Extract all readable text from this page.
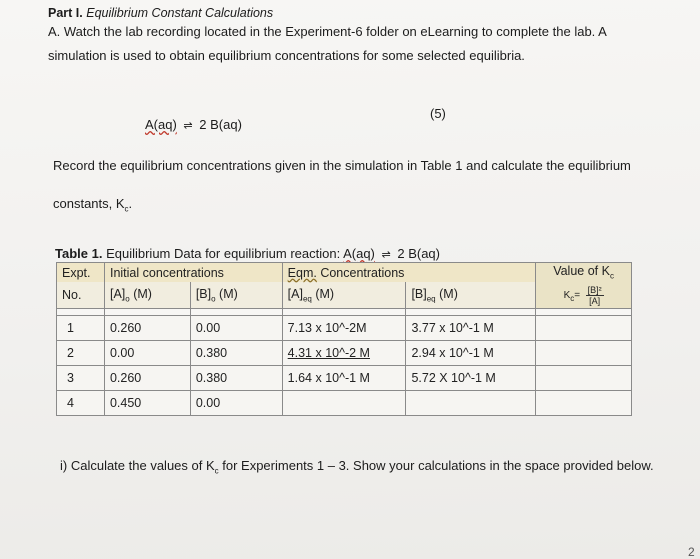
Part I. Equilibrium Constant Calculations
A. Watch the lab recording located in the Experiment-6 folder on eLearning to complete the lab. A
simulation is used to obtain equilibrium concentrations for some selected equilibria.
A(aq) ⇌ 2 B(aq)
(5)
Record the equilibrium concentrations given in the simulation in Table 1 and calculate the equilibrium
constants, $K_c$.
Table 1. Equilibrium Data for equilibrium reaction: A(aq) ⇌ 2 B(aq)
Expt.	Initial concentrations		Eqm. Concentrations		Value of $K_c$
No.	$[A]_o$ (M)	$[B]_o$ (M)	$[A]_{eq}$ (M)	$[B]_{eq}$ (M)	$K_c= \frac{\text{[B]²}}{[A]}$

1	0.260	0.00	7.13 x 10^-2M	3.77 x 10^-1 M	
2	0.00	0.380	4.31 x 10^-2 M	2.94 x 10^-1 M	
3	0.260	0.380	1.64 x 10^-1 M	5.72 X 10^-1 M	
4	0.450	0.00			
i) Calculate the values of $K_c$ for Experiments 1 – 3. Show your calculations in the space provided below.
2
